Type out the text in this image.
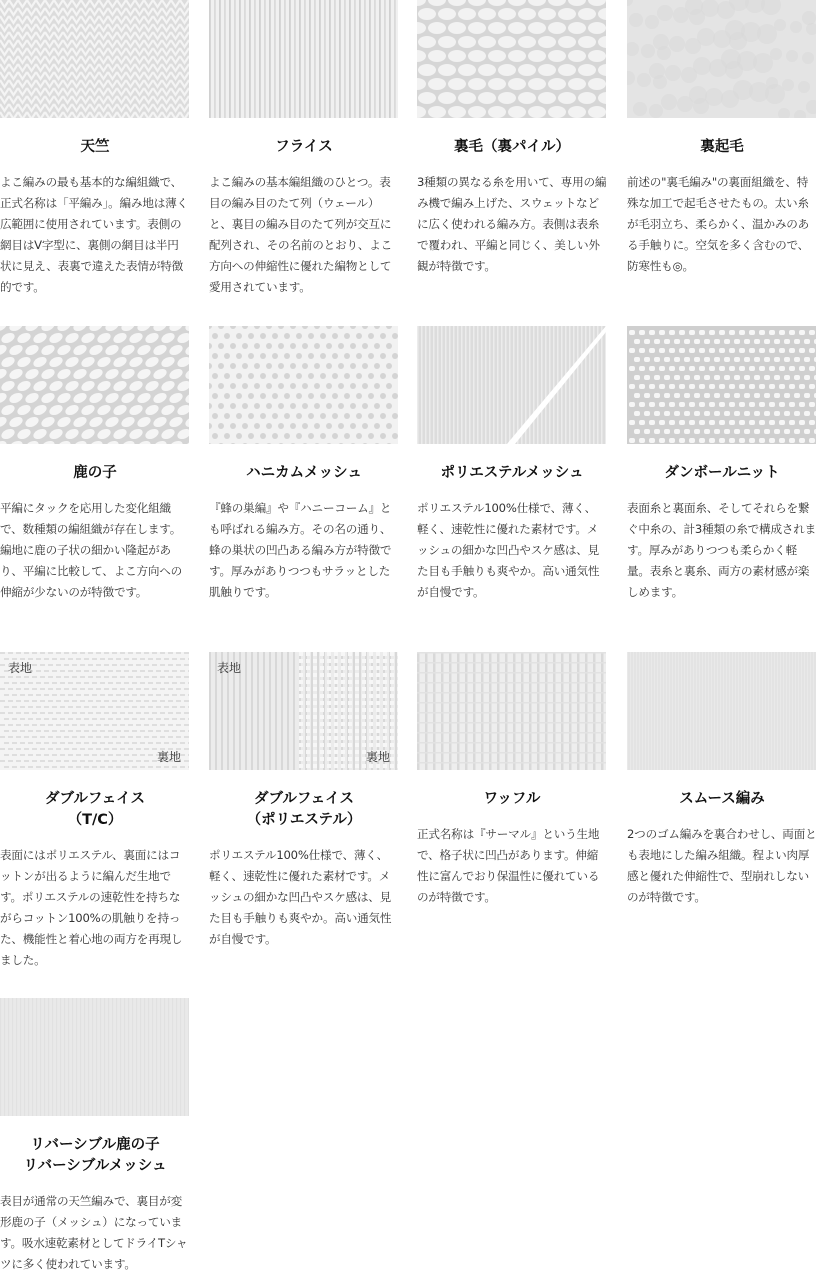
天竺
よこ編みの最も基本的な編組織で、正式名称は「平編み」。編み地は薄く広範囲に使用されています。表側の網目はV字型に、裏側の網目は半円状に見え、表裏で違えた表情が特徴的です。
フライス
よこ編みの基本編組織のひとつ。表目の編み目のたて列（ウェール）と、裏目の編み目のたて列が交互に配列され、その名前のとおり、よこ方向への伸縮性に優れた編物として愛用されています。
裏毛（裏パイル）
3種類の異なる糸を用いて、専用の編み機で編み上げた、スウェットなどに広く使われる編み方。表側は表糸で覆われ、平編と同じく、美しい外観が特徴です。
裏起毛
前述の"裏毛編み"の裏面組織を、特殊な加工で起毛させたもの。太い糸が毛羽立ち、柔らかく、温かみのある手触りに。空気を多く含むので、防寒性も◎。
鹿の子
平編にタックを応用した変化組織で、数種類の編組織が存在します。編地に鹿の子状の細かい隆起があり、平編に比較して、よこ方向への伸縮が少ないのが特徴です。
ハニカムメッシュ
『蜂の巣編』や『ハニーコーム』とも呼ばれる編み方。その名の通り、蜂の巣状の凹凸ある編み方が特徴です。厚みがありつつもサラッとした肌触りです。
ポリエステルメッシュ
ポリエステル100%仕様で、薄く、軽く、速乾性に優れた素材です。メッシュの細かな凹凸やスケ感は、見た目も手触りも爽やか。高い通気性が自慢です。
ダンボールニット
表面糸と裏面糸、そしてそれらを繋ぐ中糸の、計3種類の糸で構成されます。厚みがありつつも柔らかく軽量。表糸と裏糸、両方の素材感が楽しめます。
表地
裏地
ダブルフェイス
（T/C）
表面にはポリエステル、裏面にはコットンが出るように編んだ生地です。ポリエステルの速乾性を持ちながらコットン100%の肌触りを持った、機能性と着心地の両方を再現しました。
表地
裏地
ダブルフェイス
（ポリエステル）
ポリエステル100%仕様で、薄く、軽く、速乾性に優れた素材です。メッシュの細かな凹凸やスケ感は、見た目も手触りも爽やか。高い通気性が自慢です。
ワッフル
正式名称は『サーマル』という生地で、格子状に凹凸があります。伸縮性に富んでおり保温性に優れているのが特徴です。
スムース編み
2つのゴム編みを裏合わせし、両面とも表地にした編み組織。程よい肉厚感と優れた伸縮性で、型崩れしないのが特徴です。
リバーシブル鹿の子
リバーシブルメッシュ
表目が通常の天竺編みで、裏目が変形鹿の子（メッシュ）になっています。吸水速乾素材としてドライTシャツに多く使われています。
